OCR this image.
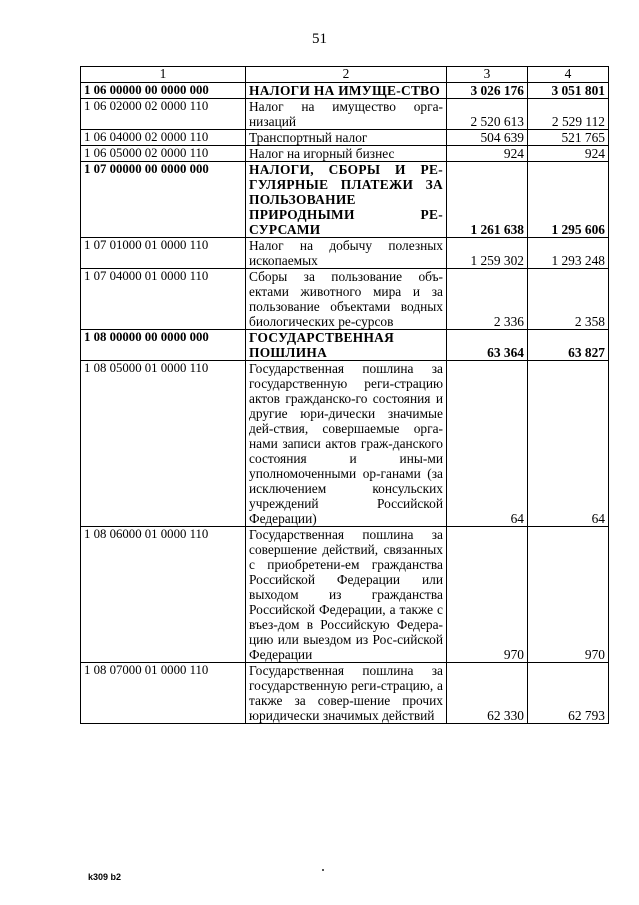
51
1	2	3	4
1 06 00000 00 0000 000	НАЛОГИ НА ИМУЩЕ-СТВО	3 026 176	3 051 801
1 06 02000 02 0000 110	Налог на имущество орга-низаций	2 520 613	2 529 112
1 06 04000 02 0000 110	Транспортный налог	504 639	521 765
1 06 05000 02 0000 110	Налог на игорный бизнес	924	924
1 07 00000 00 0000 000	НАЛОГИ, СБОРЫ И РЕ-ГУЛЯРНЫЕ ПЛАТЕЖИ ЗА ПОЛЬЗОВАНИЕ ПРИРОДНЫМИ РЕ-СУРСАМИ	1 261 638	1 295 606
1 07 01000 01 0000 110	Налог на добычу полезных ископаемых	1 259 302	1 293 248
1 07 04000 01 0000 110	Сборы за пользование объ-ектами животного мира и за пользование объектами водных биологических ре-сурсов	2 336	2 358
1 08 00000 00 0000 000	ГОСУДАРСТВЕННАЯ ПОШЛИНА	63 364	63 827
1 08 05000 01 0000 110	Государственная пошлина за государственную реги-страцию актов гражданско-го состояния и другие юри-дически значимые дей-ствия, совершаемые орга-нами записи актов граж-данского состояния и ины-ми уполномоченными ор-ганами (за исключением консульских учреждений Российской Федерации)	64	64
1 08 06000 01 0000 110	Государственная пошлина за совершение действий, связанных с приобретени-ем гражданства Российской Федерации или выходом из гражданства Российской Федерации, а также с въез-дом в Российскую Федера-цию или выездом из Рос-сийской Федерации	970	970
1 08 07000 01 0000 110	Государственная пошлина за государственную реги-страцию, а также за совер-шение прочих юридически значимых действий	62 330	62 793
k309 b2
